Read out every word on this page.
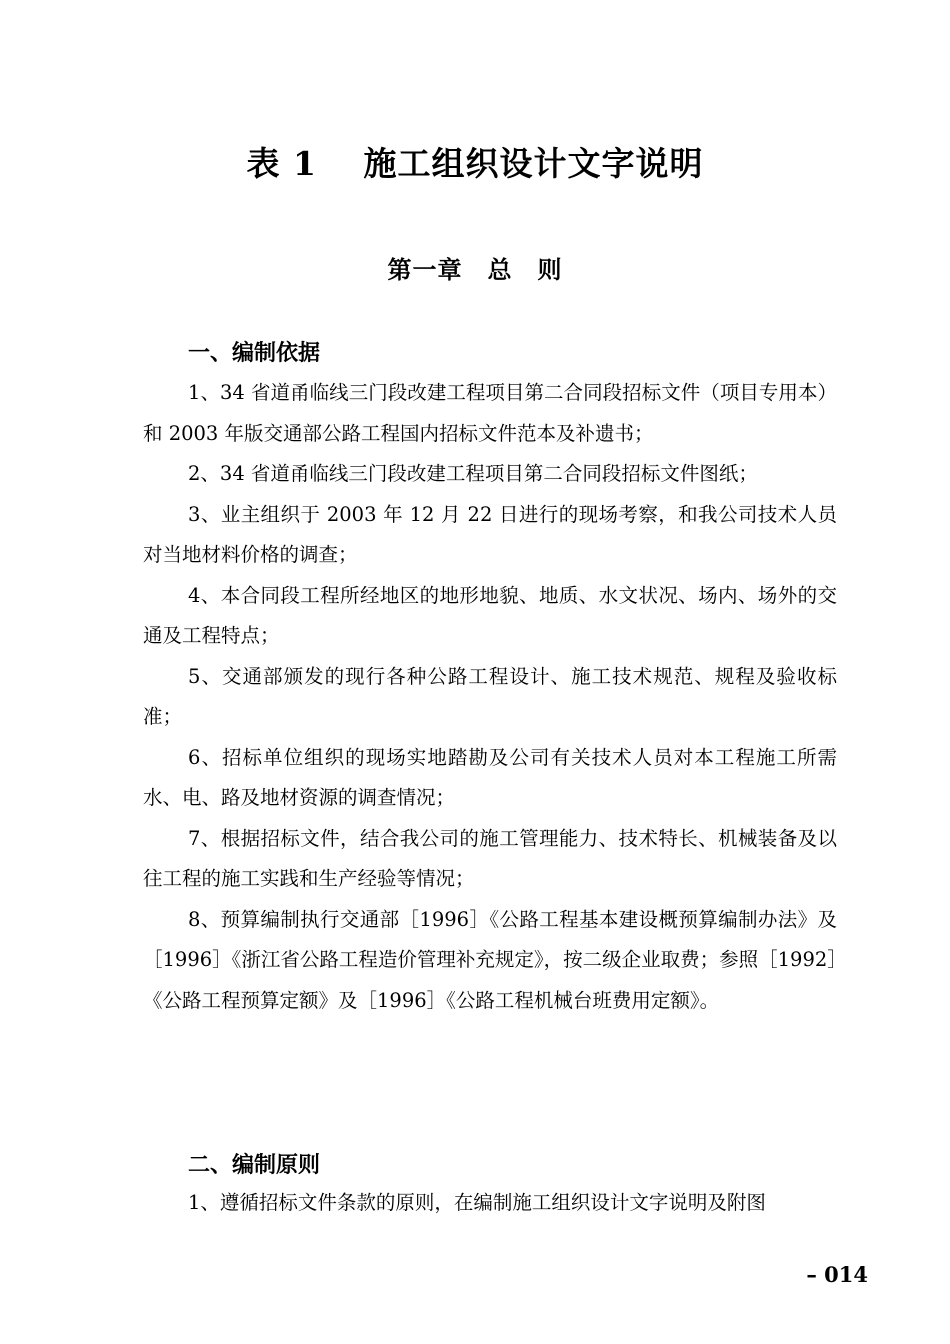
表 1　 施工组织设计文字说明
第一章　总　则
一、编制依据

1、34 省道甬临线三门段改建工程项目第二合同段招标文件（项目专用本）和 2003 年版交通部公路工程国内招标文件范本及补遗书；

2、34 省道甬临线三门段改建工程项目第二合同段招标文件图纸；

3、业主组织于 2003 年 12 月 22 日进行的现场考察，和我公司技术人员对当地材料价格的调查；

4、本合同段工程所经地区的地形地貌、地质、水文状况、场内、场外的交通及工程特点；

5、交通部颁发的现行各种公路工程设计、施工技术规范、规程及验收标准；

6、招标单位组织的现场实地踏勘及公司有关技术人员对本工程施工所需水、电、路及地材资源的调查情况；

7、根据招标文件，结合我公司的施工管理能力、技术特长、机械装备及以往工程的施工实践和生产经验等情况；

8、预算编制执行交通部［1996］《公路工程基本建设概预算编制办法》及［1996］《浙江省公路工程造价管理补充规定》，按二级企业取费；参照［1992］《公路工程预算定额》及［1996］《公路工程机械台班费用定额》。

二、编制原则

1、遵循招标文件条款的原则，在编制施工组织设计文字说明及附图

– 014
